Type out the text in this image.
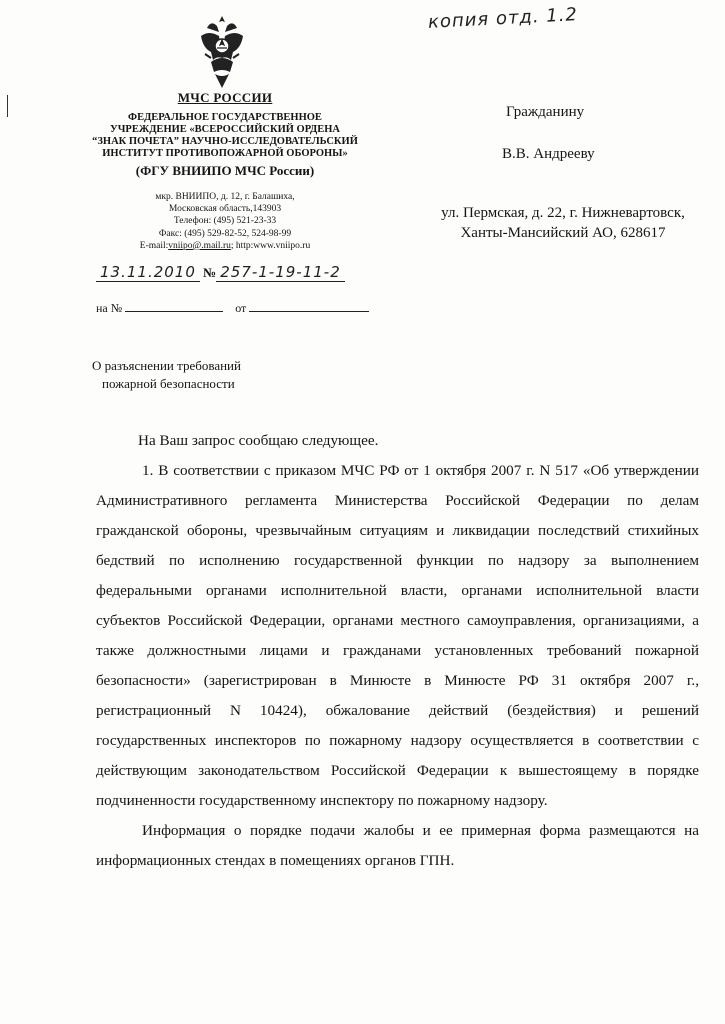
копия отд. 1.2
МЧС РОССИИ
ФЕДЕРАЛЬНОЕ ГОСУДАРСТВЕННОЕ
УЧРЕЖДЕНИЕ «ВСЕРОССИЙСКИЙ ОРДЕНА
“ЗНАК ПОЧЕТА” НАУЧНО-ИССЛЕДОВАТЕЛЬСКИЙ
ИНСТИТУТ ПРОТИВОПОЖАРНОЙ ОБОРОНЫ»
(ФГУ ВНИИПО МЧС России)
мкр. ВНИИПО, д. 12, г. Балашиха,
Московская область,143903
Телефон: (495) 521-23-33
Факс: (495) 529-82-52, 524-98-99
E-mail:vniipo@.mail.ru; http:www.vniipo.ru
13.11.2010 № 257-1-19-11-2
на №	от
Гражданину
В.В. Андрееву
ул. Пермская, д. 22, г. Нижневартовск,
Ханты-Мансийский АО, 628617
О разъяснении требований
пожарной безопасности

На Ваш запрос сообщаю следующее.

1. В соответствии с приказом МЧС РФ от 1 октября 2007 г. N 517 «Об утверждении Административного регламента Министерства Российской Федерации по делам гражданской обороны, чрезвычайным ситуациям и ликвидации последствий стихийных бедствий по исполнению государственной функции по надзору за выполнением федеральными органами исполнительной власти, органами исполнительной власти субъектов Российской Федерации, органами местного самоуправления, организациями, а также должностными лицами и гражданами установленных требований пожарной безопасности» (зарегистрирован в Минюсте в Минюсте РФ 31 октября 2007 г., регистрационный N 10424), обжалование действий (бездействия) и решений государственных инспекторов по пожарному надзору осуществляется в соответствии с действующим законодательством Российской Федерации к вышестоящему в порядке подчиненности государственному инспектору по пожарному надзору.

Информация о порядке подачи жалобы и ее примерная форма размещаются на информационных стендах в помещениях органов ГПН.
